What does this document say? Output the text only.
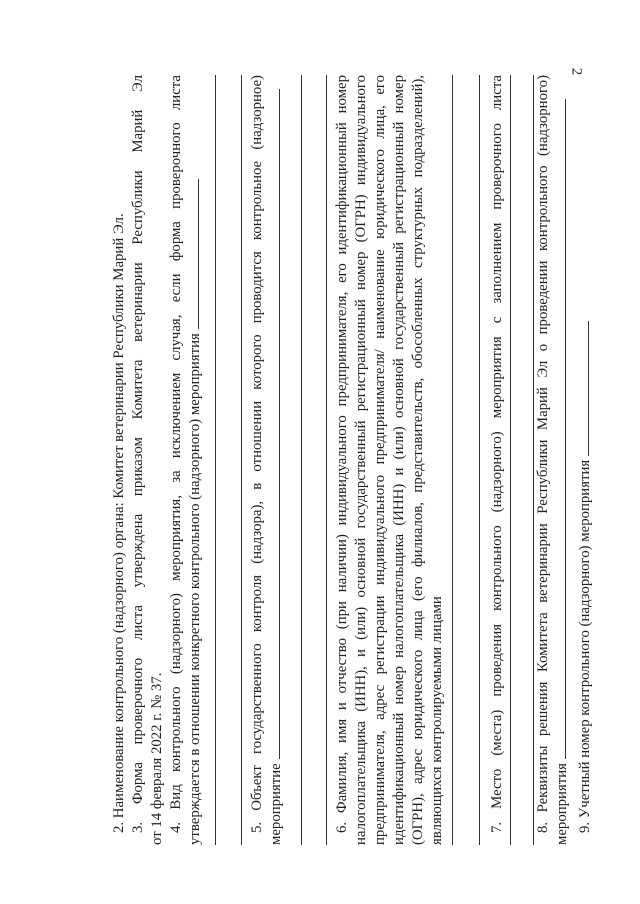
2
2. Наименование контрольного (надзорного) органа: Комитет ветеринарии Республики Марий Эл. 3. Форма проверочного листа утверждена приказом Комитета ветеринарии Республики Марий Эл от 14 февраля 2022 г. № 37. 4. Вид контрольного (надзорного) мероприятия, за исключением случая, если форма проверочного листа утверждается в отношении конкретного контрольного (надзорного) мероприятия	5. Объект государственного контроля (надзора), в отношении которого проводится контрольное (надзорное) мероприятие	6. Фамилия, имя и отчество (при наличии) индивидуального предпринимателя, его идентификационный номер налогоплательщика (ИНН), и (или) основной государственный регистрационный номер (ОГРН) индивидуального предпринимателя, адрес регистрации индивидуального предпринимателя/ наименование юридического лица, его идентификационный номер налогоплательщика (ИНН) и (или) основной государственный регистрационный номер (ОГРН), адрес юридического лица (его филиалов, представительств, обособленных структурных подразделений), являющихся контролируемыми лицами	7. Место (места) проведения контрольного (надзорного) мероприятия с заполнением проверочного листа 8. Реквизиты решения Комитета ветеринарии Республики Марий Эл о проведении контрольного (надзорного) мероприятия 9. Учетный номер контрольного (надзорного) мероприятия
